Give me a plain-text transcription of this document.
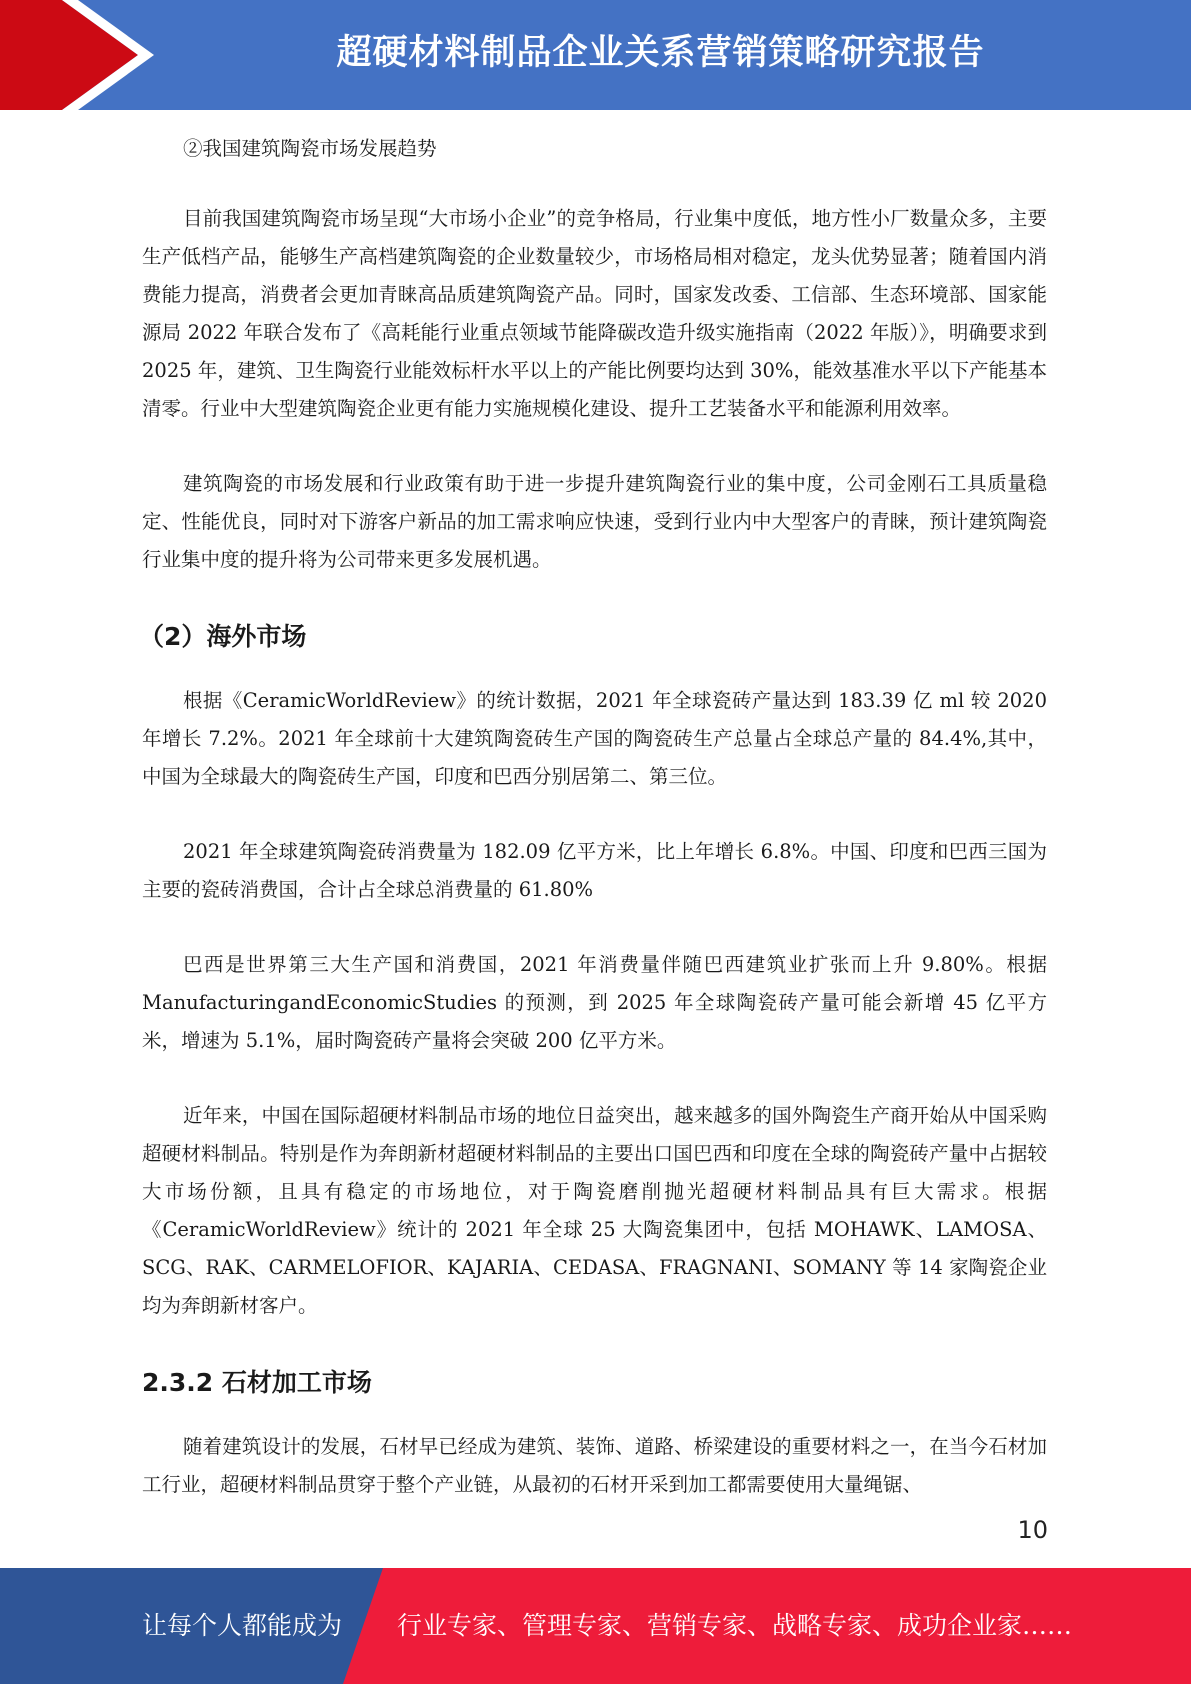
超硬材料制品企业关系营销策略研究报告

②我国建筑陶瓷市场发展趋势

目前我国建筑陶瓷市场呈现“大市场小企业”的竞争格局，行业集中度低，地方性小厂数量众多，主要生产低档产品，能够生产高档建筑陶瓷的企业数量较少，市场格局相对稳定，龙头优势显著；随着国内消费能力提高，消费者会更加青睐高品质建筑陶瓷产品。同时，国家发改委、工信部、生态环境部、国家能源局 2022 年联合发布了《高耗能行业重点领域节能降碳改造升级实施指南（2022 年版）》，明确要求到 2025 年，建筑、卫生陶瓷行业能效标杆水平以上的产能比例要均达到 30%，能效基准水平以下产能基本清零。行业中大型建筑陶瓷企业更有能力实施规模化建设、提升工艺装备水平和能源利用效率。

建筑陶瓷的市场发展和行业政策有助于进一步提升建筑陶瓷行业的集中度，公司金刚石工具质量稳定、性能优良，同时对下游客户新品的加工需求响应快速，受到行业内中大型客户的青睐，预计建筑陶瓷行业集中度的提升将为公司带来更多发展机遇。

（2）海外市场

根据《CeramicWorldReview》的统计数据，2021 年全球瓷砖产量达到 183.39 亿 ml 较 2020 年增长 7.2%。2021 年全球前十大建筑陶瓷砖生产国的陶瓷砖生产总量占全球总产量的 84.4%,其中，中国为全球最大的陶瓷砖生产国，印度和巴西分别居第二、第三位。

2021 年全球建筑陶瓷砖消费量为 182.09 亿平方米，比上年增长 6.8%。中国、印度和巴西三国为主要的瓷砖消费国，合计占全球总消费量的 61.80%

巴西是世界第三大生产国和消费国，2021 年消费量伴随巴西建筑业扩张而上升 9.80%。根据 ManufacturingandEconomicStudies 的预测，到 2025 年全球陶瓷砖产量可能会新增 45 亿平方米，增速为 5.1%，届时陶瓷砖产量将会突破 200 亿平方米。

近年来，中国在国际超硬材料制品市场的地位日益突出，越来越多的国外陶瓷生产商开始从中国采购超硬材料制品。特别是作为奔朗新材超硬材料制品的主要出口国巴西和印度在全球的陶瓷砖产量中占据较大市场份额，且具有稳定的市场地位，对于陶瓷磨削抛光超硬材料制品具有巨大需求。根据《CeramicWorldReview》统计的 2021 年全球 25 大陶瓷集团中，包括 MOHAWK、LAMOSA、SCG、RAK、CARMELOFIOR、KAJARIA、CEDASA、FRAGNANI、SOMANY 等 14 家陶瓷企业均为奔朗新材客户。

2.3.2 石材加工市场

随着建筑设计的发展，石材早已经成为建筑、装饰、道路、桥梁建设的重要材料之一，在当今石材加工行业，超硬材料制品贯穿于整个产业链，从最初的石材开采到加工都需要使用大量绳锯、

10
让每个人都能成为 行业专家、管理专家、营销专家、战略专家、成功企业家……
